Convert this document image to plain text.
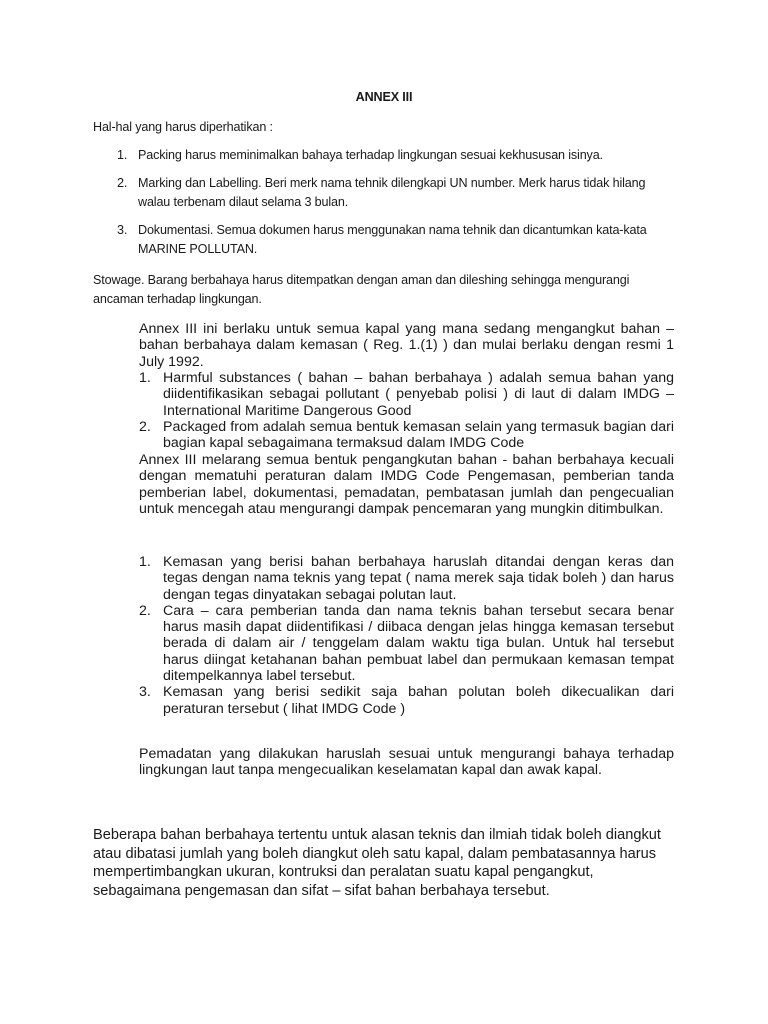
ANNEX III
Hal-hal yang harus diperhatikan :
1. Packing harus meminimalkan bahaya terhadap lingkungan sesuai kekhususan isinya.
2. Marking dan Labelling. Beri merk nama tehnik dilengkapi UN number. Merk harus tidak hilang walau terbenam dilaut selama 3 bulan.
3. Dokumentasi. Semua dokumen harus menggunakan nama tehnik dan dicantumkan kata-kata MARINE POLLUTAN.
Stowage. Barang berbahaya harus ditempatkan dengan aman dan dileshing sehingga mengurangi ancaman terhadap lingkungan.
Annex III ini berlaku untuk semua kapal yang mana sedang mengangkut bahan – bahan berbahaya dalam kemasan ( Reg. 1.(1) ) dan mulai berlaku dengan resmi 1 July 1992.
1. Harmful substances ( bahan – bahan berbahaya ) adalah semua bahan yang diidentifikasikan sebagai pollutant ( penyebab polisi ) di laut di dalam IMDG – International Maritime Dangerous Good
2. Packaged from adalah semua bentuk kemasan selain yang termasuk bagian dari bagian kapal sebagaimana termaksud dalam IMDG Code
Annex III melarang semua bentuk pengangkutan bahan - bahan berbahaya kecuali dengan mematuhi peraturan dalam IMDG Code Pengemasan, pemberian tanda pemberian label, dokumentasi, pemadatan, pembatasan jumlah dan pengecualian untuk mencegah atau mengurangi dampak pencemaran yang mungkin ditimbulkan.
1. Kemasan yang berisi bahan berbahaya haruslah ditandai dengan keras dan tegas dengan nama teknis yang tepat ( nama merek saja tidak boleh ) dan harus dengan tegas dinyatakan sebagai polutan laut.
2. Cara – cara pemberian tanda dan nama teknis bahan tersebut secara benar harus masih dapat diidentifikasi / diibaca dengan jelas hingga kemasan tersebut berada di dalam air / tenggelam dalam waktu tiga bulan. Untuk hal tersebut harus diingat ketahanan bahan pembuat label dan permukaan kemasan tempat ditempelkannya label tersebut.
3. Kemasan yang berisi sedikit saja bahan polutan boleh dikecualikan dari peraturan tersebut ( lihat IMDG Code )
Pemadatan yang dilakukan haruslah sesuai untuk mengurangi bahaya terhadap lingkungan laut tanpa mengecualikan keselamatan kapal dan awak kapal.
Beberapa bahan berbahaya tertentu untuk alasan teknis dan ilmiah tidak boleh diangkut atau dibatasi jumlah yang boleh diangkut oleh satu kapal, dalam pembatasannya harus mempertimbangkan ukuran, kontruksi dan peralatan suatu kapal pengangkut, sebagaimana pengemasan dan sifat – sifat bahan berbahaya tersebut.
